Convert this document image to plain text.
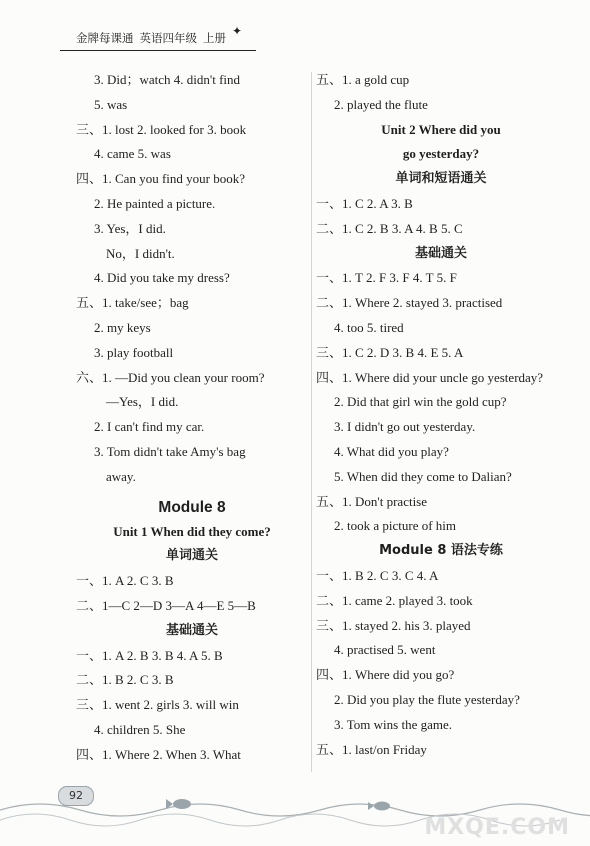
金牌每课通 英语四年级 上册 ✦
3. Did；watch 4. didn't find
5. was
三、1. lost 2. looked for 3. book
4. came 5. was
四、1. Can you find your book?
2. He painted a picture.
3. Yes，I did.
No，I didn't.
4. Did you take my dress?
五、1. take/see；bag
2. my keys
3. play football
六、1. —Did you clean your room?
—Yes，I did.
2. I can't find my car.
3. Tom didn't take Amy's bag
away.
Module 8
Unit 1 When did they come?
单词通关
一、1. A 2. C 3. B
二、1—C 2—D 3—A 4—E 5—B
基础通关
一、1. A 2. B 3. B 4. A 5. B
二、1. B 2. C 3. B
三、1. went 2. girls 3. will win
4. children 5. She
四、1. Where 2. When 3. What
五、1. a gold cup
2. played the flute
Unit 2 Where did you
go yesterday?
单词和短语通关
一、1. C 2. A 3. B
二、1. C 2. B 3. A 4. B 5. C
基础通关
一、1. T 2. F 3. F 4. T 5. F
二、1. Where 2. stayed 3. practised
4. too 5. tired
三、1. C 2. D 3. B 4. E 5. A
四、1. Where did your uncle go yesterday?
2. Did that girl win the gold cup?
3. I didn't go out yesterday.
4. What did you play?
5. When did they come to Dalian?
五、1. Don't practise
2. took a picture of him
Module 8 语法专练
一、1. B 2. C 3. C 4. A
二、1. came 2. played 3. took
三、1. stayed 2. his 3. played
4. practised 5. went
四、1. Where did you go?
2. Did you play the flute yesterday?
3. Tom wins the game.
五、1. last/on Friday
92
MXQE.COM
